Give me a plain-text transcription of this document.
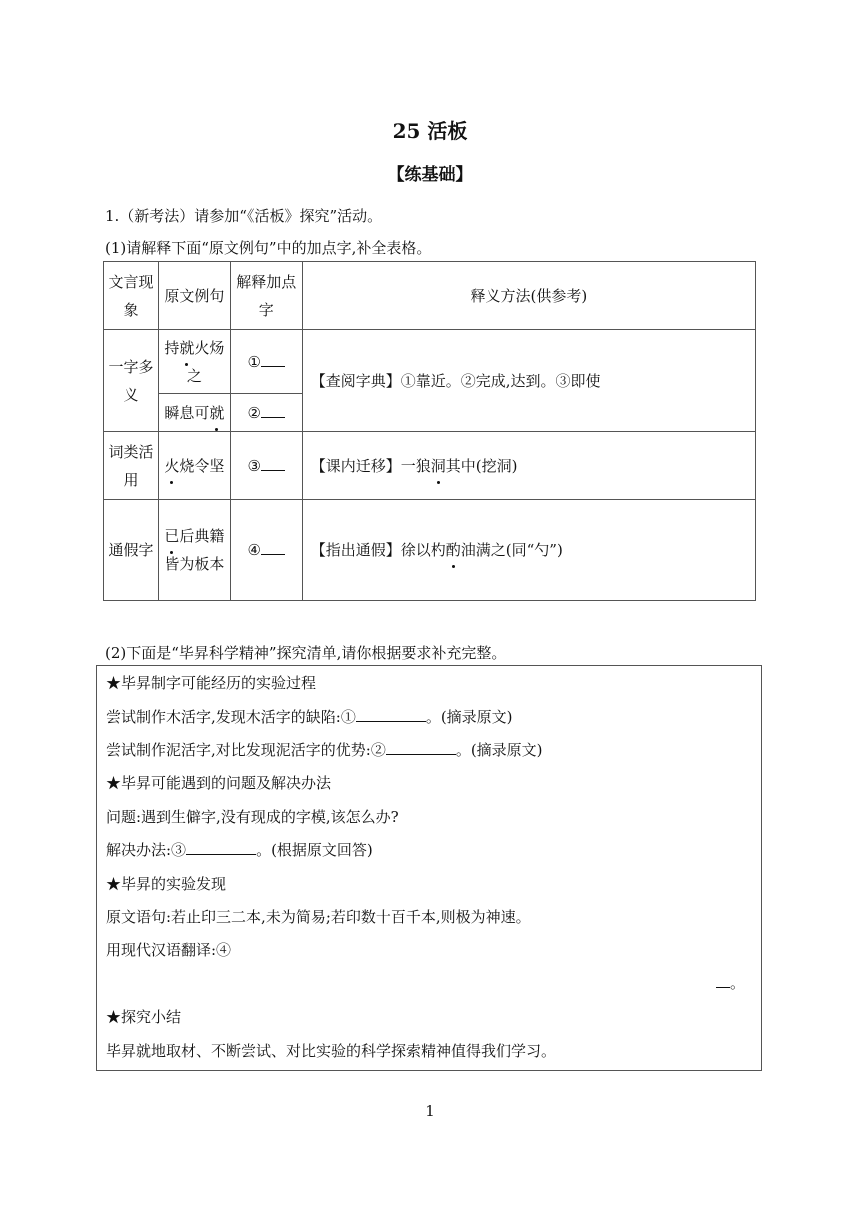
25 活板
【练基础】
1.（新考法）请参加“《活板》探究”活动。
(1)请解释下面“原文例句”中的加点字,补全表格。
文言现象	原文例句	解释加点字	释义方法(供参考)
一字多义	持就火炀之	①	【查阅字典】①靠近。②完成,达到。③即使
	瞬息可就	②	
词类活用	火烧令坚	③	【课内迁移】一狼洞其中(挖洞)
通假字	已后典籍皆为板本	④	【指出通假】徐以杓酌油满之(同“勺”)
(2)下面是“毕昇科学精神”探究清单,请你根据要求补充完整。
★毕昇制字可能经历的实验过程
尝试制作木活字,发现木活字的缺陷:①	。(摘录原文)
尝试制作泥活字,对比发现泥活字的优势:②	。(摘录原文)
★毕昇可能遇到的问题及解决办法
问题:遇到生僻字,没有现成的字模,该怎么办?
解决办法:③	。(根据原文回答)
★毕昇的实验发现
原文语句:若止印三二本,未为简易;若印数十百千本,则极为神速。
用现代汉语翻译:④
。
★探究小结
毕昇就地取材、不断尝试、对比实验的科学探索精神值得我们学习。
1
